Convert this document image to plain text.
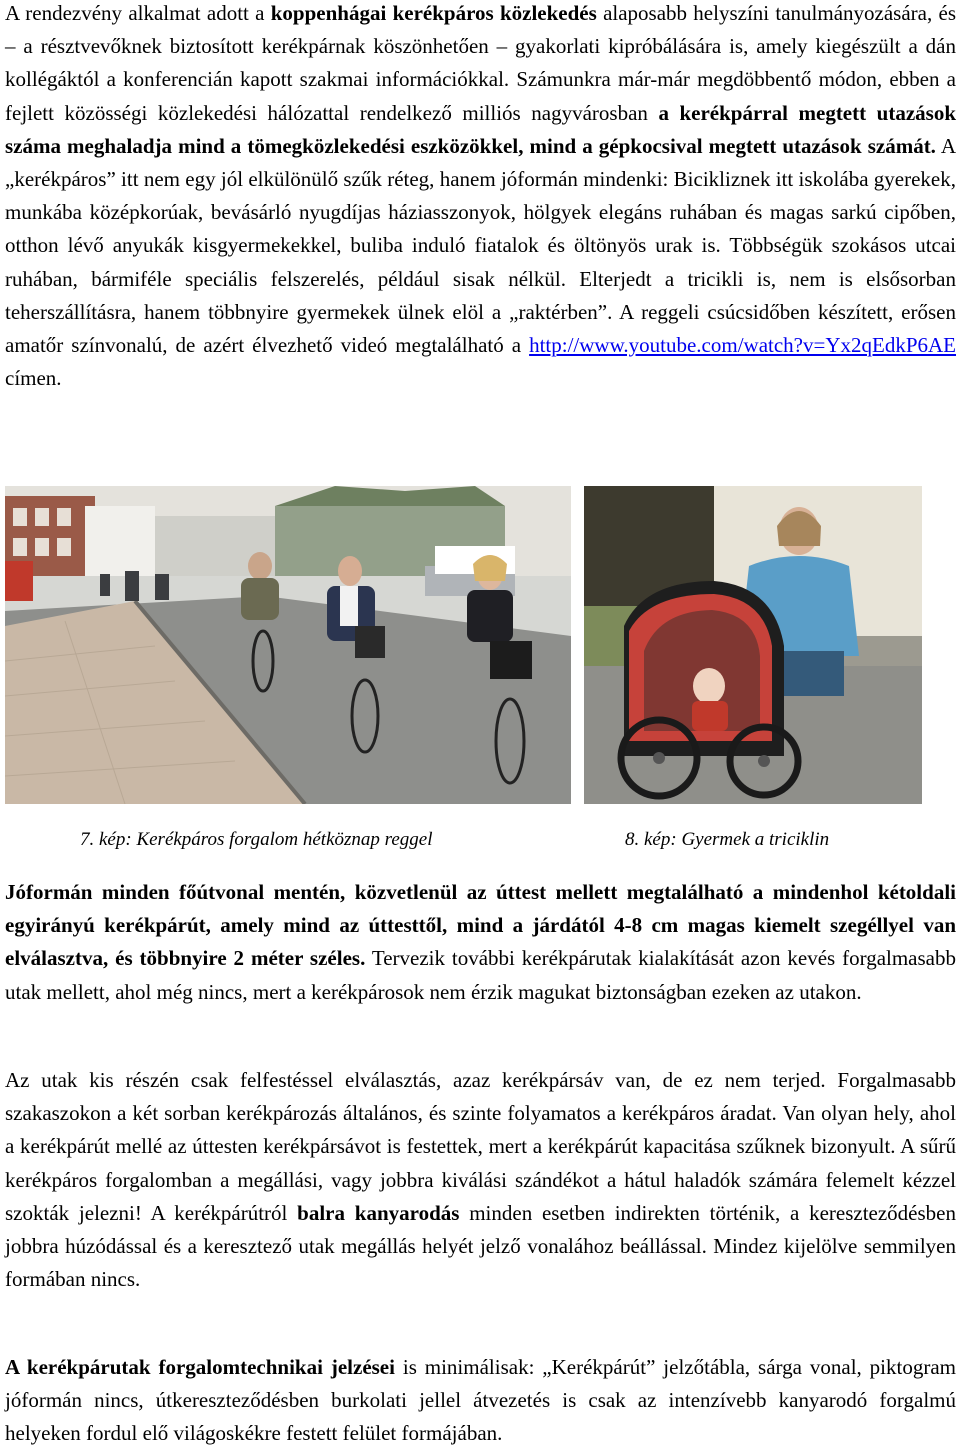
A rendezvény alkalmat adott a koppenhágai kerékpáros közlekedés alaposabb helyszíni tanulmányozására, és – a résztvevőknek biztosított kerékpárnak köszönhetően – gyakorlati kipróbálására is, amely kiegészült a dán kollégáktól a konferencián kapott szakmai információkkal. Számunkra már-már megdöbbentő módon, ebben a fejlett közösségi közlekedési hálózattal rendelkező milliós nagyvárosban a kerékpárral megtett utazások száma meghaladja mind a tömegközlekedési eszközökkel, mind a gépkocsival megtett utazások számát. A „kerékpáros” itt nem egy jól elkülönülő szűk réteg, hanem jóformán mindenki: Bicikliznek itt iskolába gyerekek, munkába középkorúak, bevásárló nyugdíjas háziasszonyok, hölgyek elegáns ruhában és magas sarkú cipőben, otthon lévő anyukák kisgyermekekkel, buliba induló fiatalok és öltönyös urak is. Többségük szokásos utcai ruhában, bármiféle speciális felszerelés, például sisak nélkül. Elterjedt a tricikli is, nem is elsősorban teherszállításra, hanem többnyire gyermekek ülnek elöl a „raktérben”. A reggeli csúcsidőben készített, erősen amatőr színvonalú, de azért élvezhető videó megtalálható a http://www.youtube.com/watch?v=Yx2qEdkP6AE címen.

7. kép: Kerékpáros forgalom hétköznap reggel	8. kép: Gyermek a triciklin

Jóformán minden főútvonal mentén, közvetlenül az úttest mellett megtalálható a mindenhol kétoldali egyirányú kerékpárút, amely mind az úttesttől, mind a járdától 4-8 cm magas kiemelt szegéllyel van elválasztva, és többnyire 2 méter széles. Tervezik további kerékpárutak kialakítását azon kevés forgalmasabb utak mellett, ahol még nincs, mert a kerékpárosok nem érzik magukat biztonságban ezeken az utakon.

Az utak kis részén csak felfestéssel elválasztás, azaz kerékpársáv van, de ez nem terjed. Forgalmasabb szakaszokon a két sorban kerékpározás általános, és szinte folyamatos a kerékpáros áradat. Van olyan hely, ahol a kerékpárút mellé az úttesten kerékpársávot is festettek, mert a kerékpárút kapacitása szűknek bizonyult. A sűrű kerékpáros forgalomban a megállási, vagy jobbra kiválási szándékot a hátul haladók számára felemelt kézzel szokták jelezni! A kerékpárútról balra kanyarodás minden esetben indirekten történik, a kereszteződésben jobbra húzódással és a keresztező utak megállás helyét jelző vonalához beállással. Mindez kijelölve semmilyen formában nincs.

A kerékpárutak forgalomtechnikai jelzései is minimálisak: „Kerékpárút” jelzőtábla, sárga vonal, piktogram jóformán nincs, útkereszteződésben burkolati jellel átvezetés is csak az intenzívebb kanyarodó forgalmú helyeken fordul elő világoskékre festett felület formájában.
